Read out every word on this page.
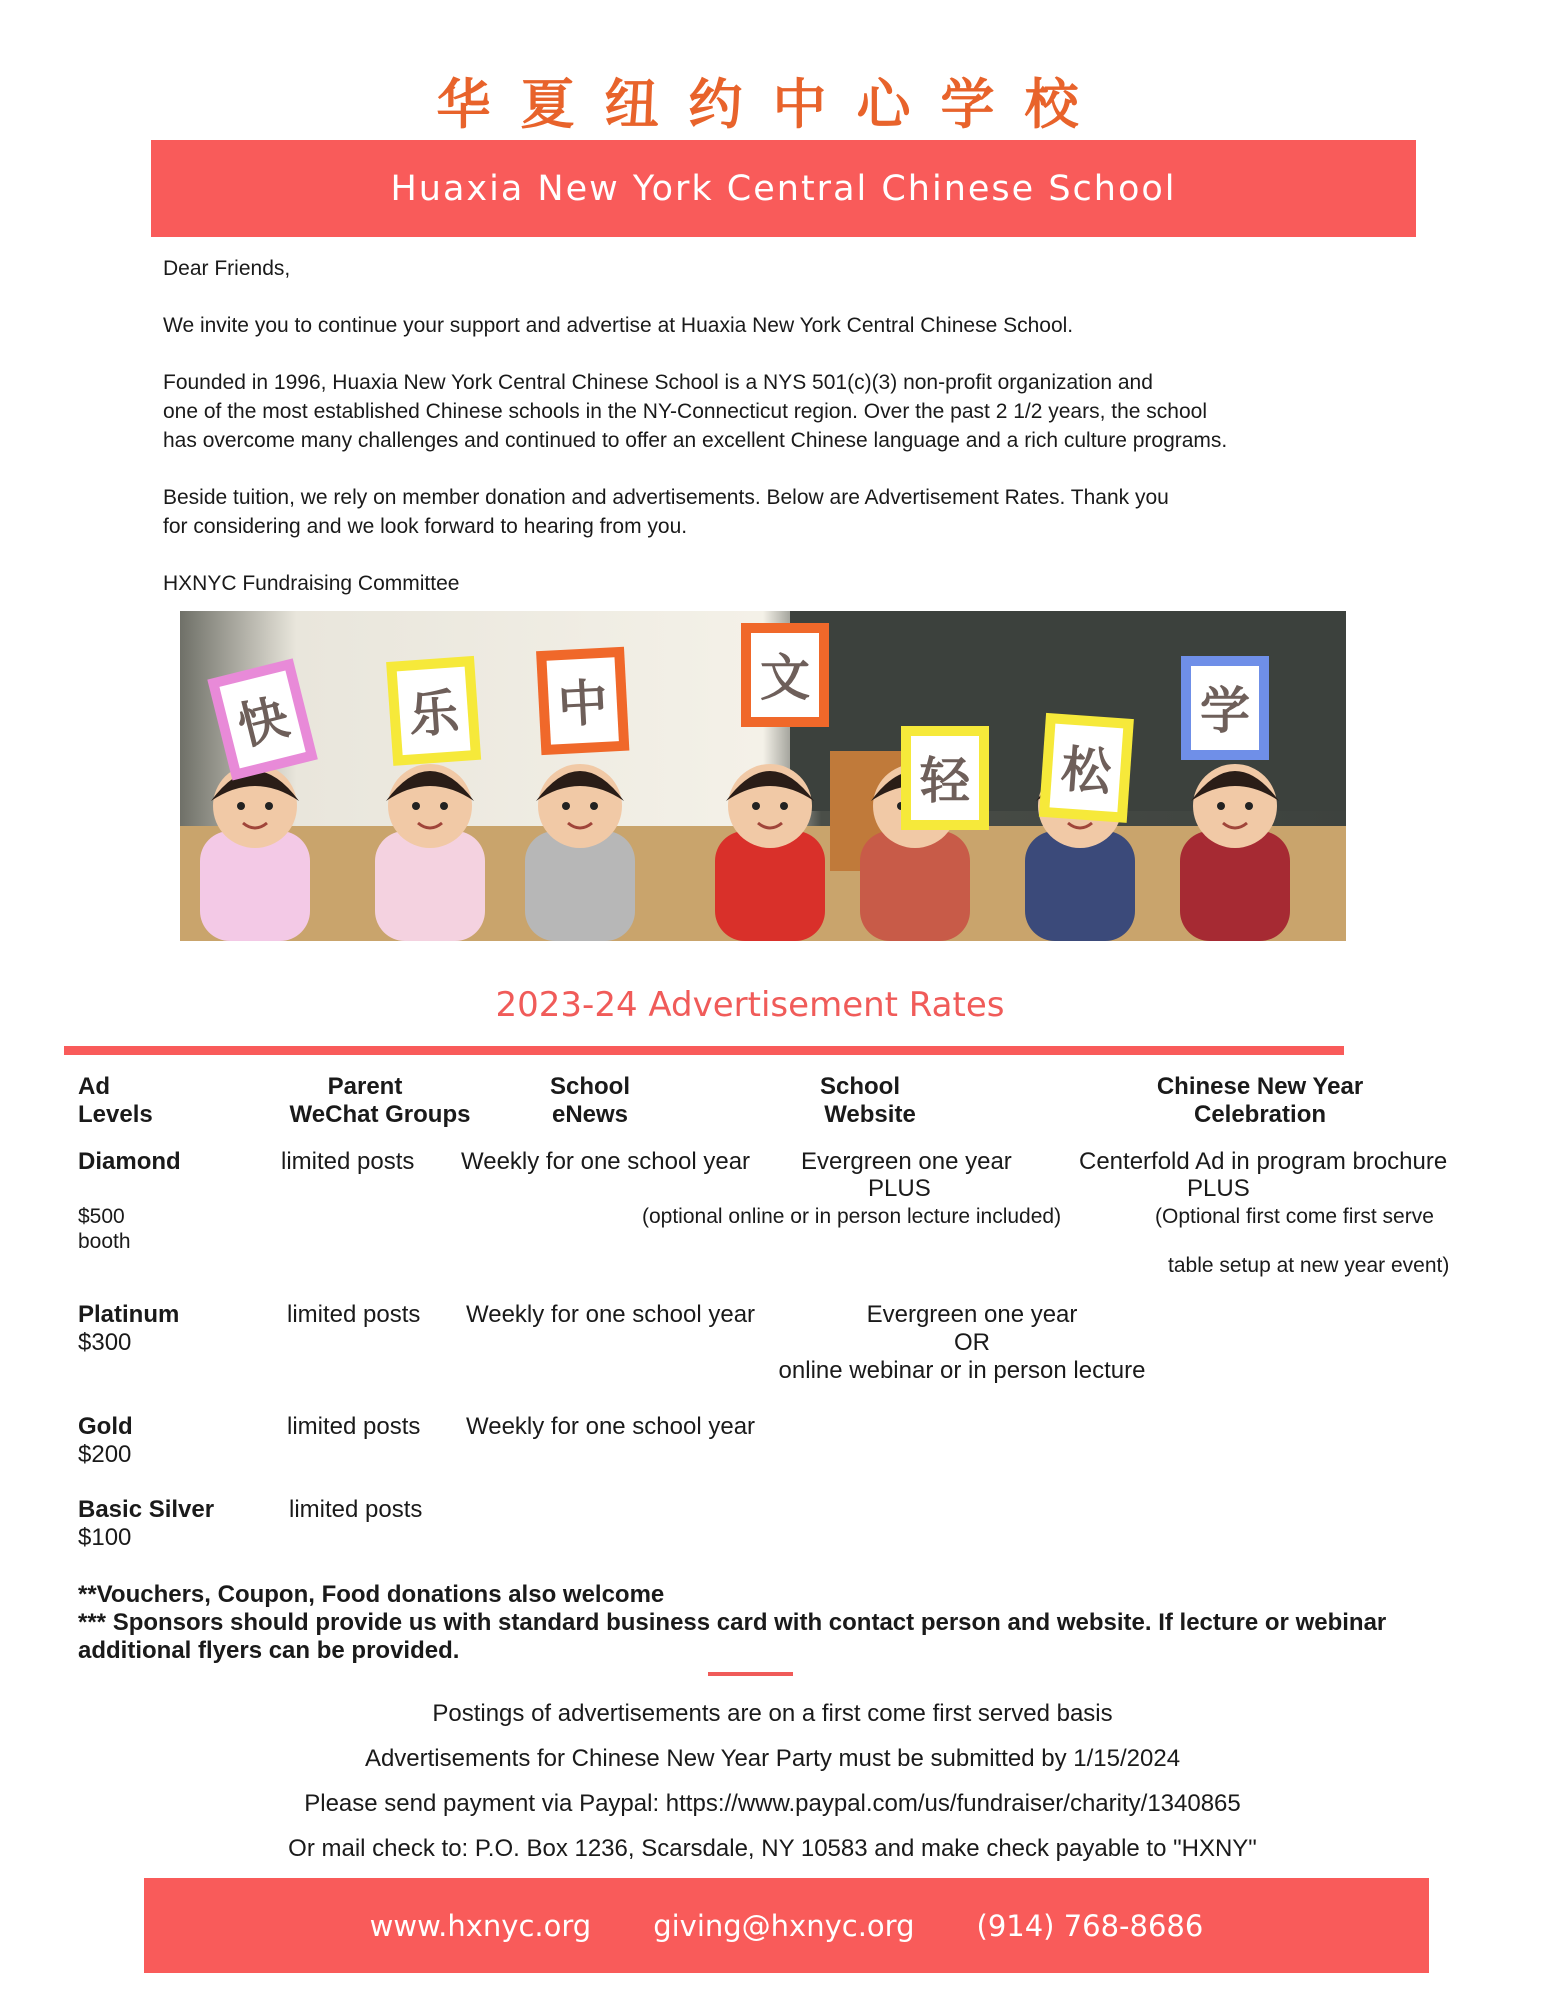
华夏纽约中心学校
Huaxia New York Central Chinese School

Dear Friends,

We invite you to continue your support and advertise at Huaxia New York Central Chinese School.

Founded in 1996, Huaxia New York Central Chinese School is a NYS 501(c)(3) non-profit organization and

one of the most established Chinese schools in the NY-Connecticut region. Over the past 2 1/2 years, the school

has overcome many challenges and continued to offer an excellent Chinese language and a rich culture programs.

Beside tuition, we rely on member donation and advertisements. Below are Advertisement Rates. Thank you

for considering and we look forward to hearing from you.

HXNYC Fundraising Committee

快 乐 中	文
轻 松
学
2023-24 Advertisement Rates
Ad
Levels
Parent
WeChat Groups
School
eNews
School
Website
Chinese New Year
Celebration
Diamond
$500
booth
limited posts Weekly for one school year Evergreen one year
PLUS
(optional online or in person lecture included)
Centerfold Ad in program brochure
PLUS
(Optional first come first serve
table setup at new year event)
Platinum
$300
limited posts Weekly for one school year	Evergreen one year
OR
online webinar or in person lecture
Gold
$200
limited posts Weekly for one school year
Basic Silver
$100
limited posts
**Vouchers, Coupon, Food donations also welcome
*** Sponsors should provide us with standard business card with contact person and website. If lecture or webinar
additional flyers can be provided.
Postings of advertisements are on a first come first served basis
Advertisements for Chinese New Year Party must be submitted by 1/15/2024
Please send payment via Paypal: https://www.paypal.com/us/fundraiser/charity/1340865
Or mail check to: P.O. Box 1236, Scarsdale, NY 10583 and make check payable to "HXNY"
www.hxnyc.org giving@hxnyc.org (914) 768-8686
